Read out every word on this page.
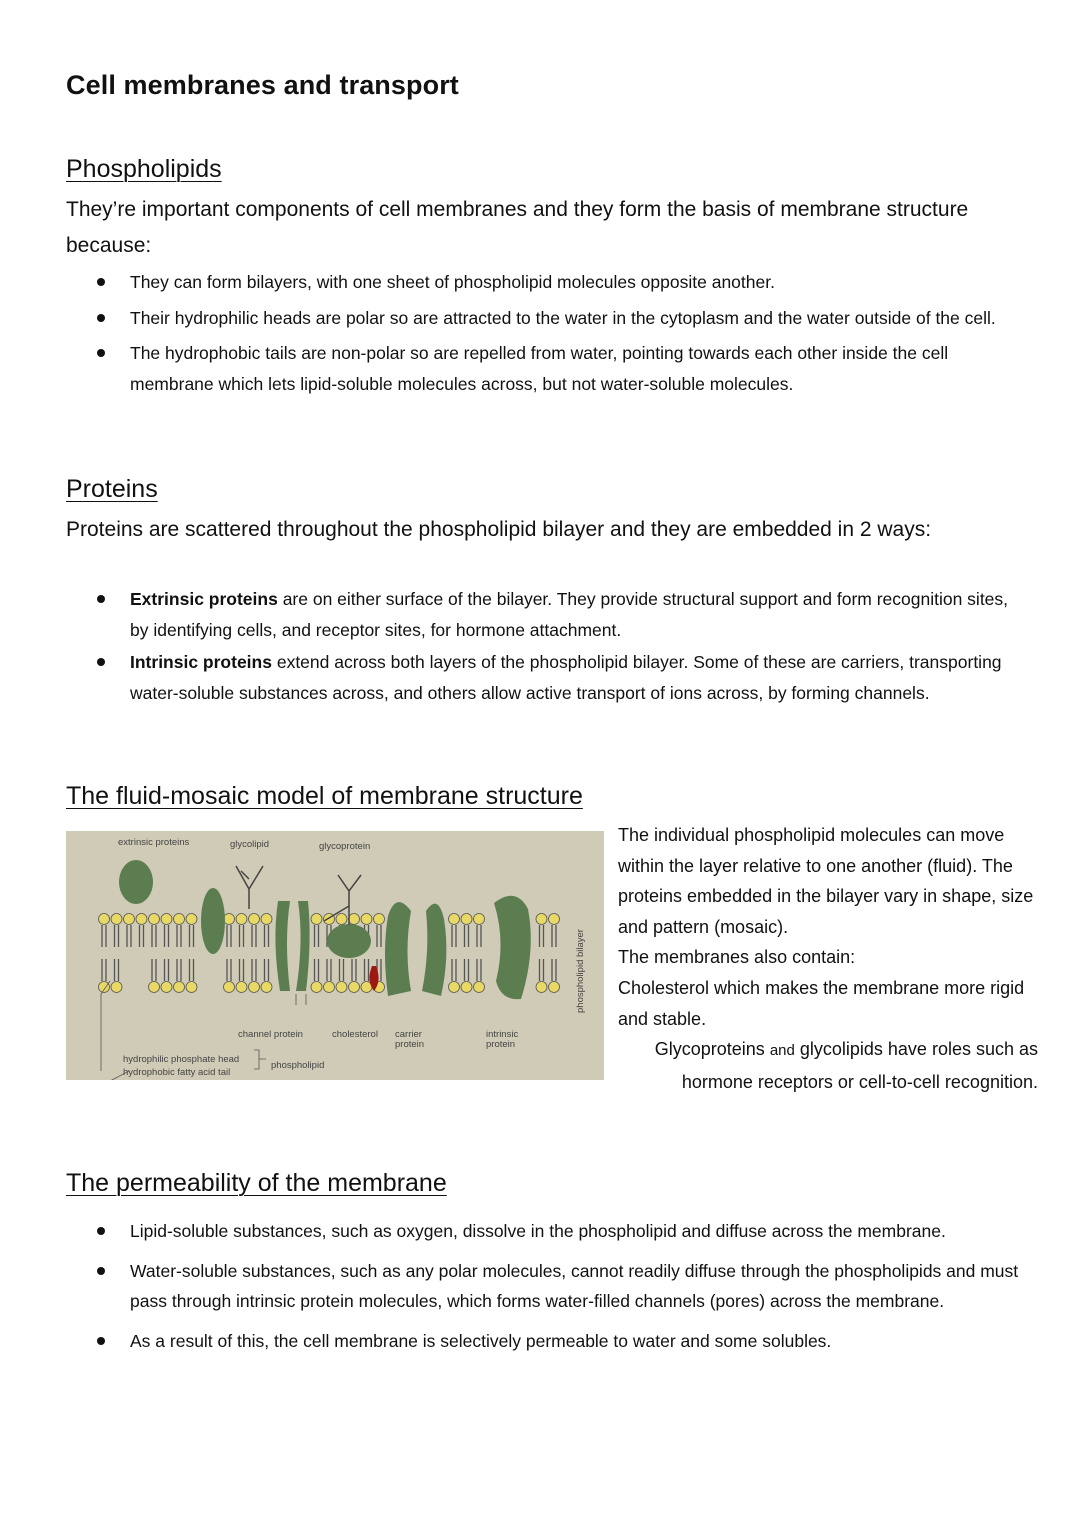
Cell membranes and transport
Phospholipids

They’re important components of cell membranes and they form the basis of membrane structure because:

They can form bilayers, with one sheet of phospholipid molecules opposite another.
Their hydrophilic heads are polar so are attracted to the water in the cytoplasm and the water outside of the cell.
The hydrophobic tails are non-polar so are repelled from water, pointing towards each other inside the cell membrane which lets lipid-soluble molecules across, but not water-soluble molecules.
Proteins

Proteins are scattered throughout the phospholipid bilayer and they are embedded in 2 ways:

Extrinsic proteins are on either surface of the bilayer. They provide structural support and form recognition sites, by identifying cells, and receptor sites, for hormone attachment.
Intrinsic proteins extend across both layers of the phospholipid bilayer. Some of these are carriers, transporting water-soluble substances across, and others allow active transport of ions across, by forming channels.
The fluid-mosaic model of membrane structure
extrinsic proteins	glycolipid	glycoprotein
channel protein	cholesterol carrier
protein
intrinsic
protein
hydrophilic phosphate head
hydrophobic fatty acid tail
phospholipid
phospholipid bilayer

The individual phospholipid molecules can move within the layer relative to one another (fluid). The proteins embedded in the bilayer vary in shape, size and pattern (mosaic).

The membranes also contain:

Cholesterol which makes the membrane more rigid and stable.

Glycoproteins and glycolipids have roles such as hormone receptors or cell-to-cell recognition.

The permeability of the membrane
Lipid-soluble substances, such as oxygen, dissolve in the phospholipid and diffuse across the membrane.
Water-soluble substances, such as any polar molecules, cannot readily diffuse through the phospholipids and must pass through intrinsic protein molecules, which forms water-filled channels (pores) across the membrane.
As a result of this, the cell membrane is selectively permeable to water and some solubles.
